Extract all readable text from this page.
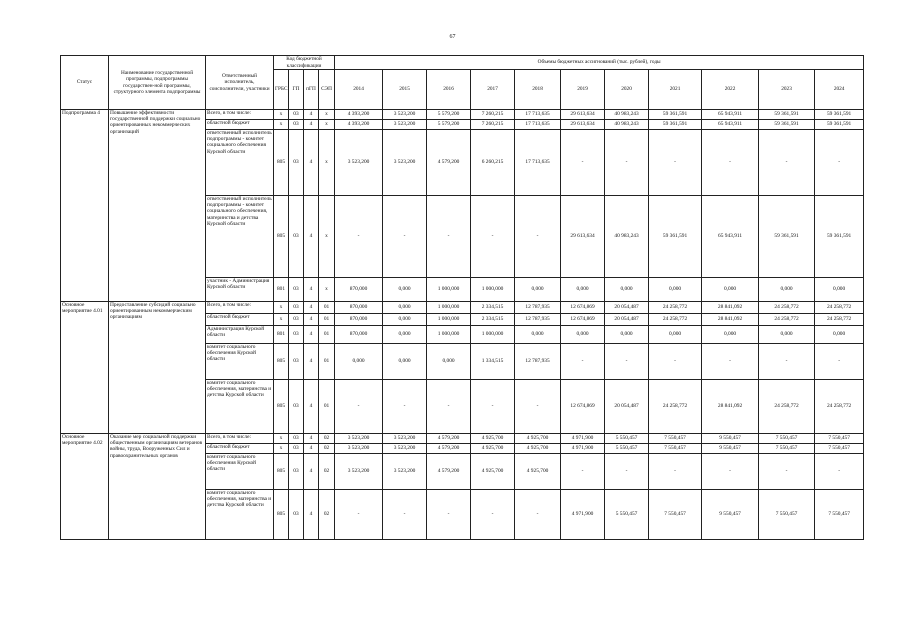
67
Статус	Наименование государственной программы, подпрограммы государствен-ной программы, структурного элемента подпрограммы	Ответственный исполнитель, соисполнители, участники	Код бюджетной классификации				Объемы бюджетных ассигнований (тыс. рублей), годы										
			ГРБС	ГП	пГП	СЭП	2014	2015	2016	2017	2018	2019	2020	2021	2022	2023	2024
Подпрограмма 4	Повышение эффективности государственной поддержки социально ориентированных некоммерческих организаций	Всего, в том числе:	х	03	4	х	4 393,200	3 523,200	5 579,200	7 260,215	17 713,635	29 613,634	40 983,243	59 361,591	65 943,911	59 361,591	59 361,591
		областной бюджет	х	03	4	х	4 393,200	3 523,200	5 579,200	7 260,215	17 713,635	29 613,634	40 983,243	59 361,591	65 943,911	59 361,591	59 361,591
		ответственный исполнитель подпрограммы - комитет социального обеспечения Курской области	805	03	4	х	3 523,200	3 523,200	4 579,200	6 260,215	17 713,635	-	-	-	-	-	-
		ответственный исполнитель подпрограммы - комитет социального обеспечения, материнства и детства Курской области	805	03	4	х	-	-	-	-	-	29 613,634	40 983,243	59 361,591	65 943,911	59 361,591	59 361,591
		участник - Администрация Курской области	801	03	4	х	870,000	0,000	1 000,000	1 000,000	0,000	0,000	0,000	0,000	0,000	0,000	0,000
Основное мероприятие 4.01	Предоставление субсидий социально ориентированным некоммерческим организациям	Всего, в том числе:	х	03	4	01	870,000	0,000	1 000,000	2 334,515	12 787,935	12 674,869	20 054,487	24 258,772	28 841,092	24 258,772	24 258,772
		областной бюджет	х	03	4	01	870,000	0,000	1 000,000	2 334,515	12 787,935	12 674,869	20 054,487	24 258,772	28 841,092	24 258,772	24 258,772
		Администрация Курской области	801	03	4	01	870,000	0,000	1 000,000	1 000,000	0,000	0,000	0,000	0,000	0,000	0,000	0,000
		комитет социального обеспечения Курской области	805	03	4	01	0,000	0,000	0,000	1 334,515	12 787,935	-	-	-	-	-	-
		комитет социального обеспечения, материнства и детства Курской области	805	03	4	01	-	-	-	-	-	12 674,869	20 054,487	24 258,772	28 841,092	24 258,772	24 258,772
Основное мероприятие 4.02	Оказание мер социальной поддержки общественным организациям ветеранов войны, труда, Вооруженных Сил и правоохранительных органов	Всего, в том числе:	х	03	4	02	3 523,200	3 523,200	4 579,200	4 925,700	4 925,700	4 971,900	5 550,457	7 550,457	9 550,457	7 550,457	7 550,457
		областной бюджет	х	03	4	02	3 523,200	3 523,200	4 579,200	4 925,700	4 925,700	4 971,900	5 550,457	7 550,457	9 550,457	7 550,457	7 550,457
		комитет социального обеспечения Курской области	805	03	4	02	3 523,200	3 523,200	4 579,200	4 925,700	4 925,700	-	-	-	-	-	-
		комитет социального обеспечения, материнства и детства Курской области	805	03	4	02	-	-	-	-	-	4 971,900	5 550,457	7 550,457	9 550,457	7 550,457	7 550,457
